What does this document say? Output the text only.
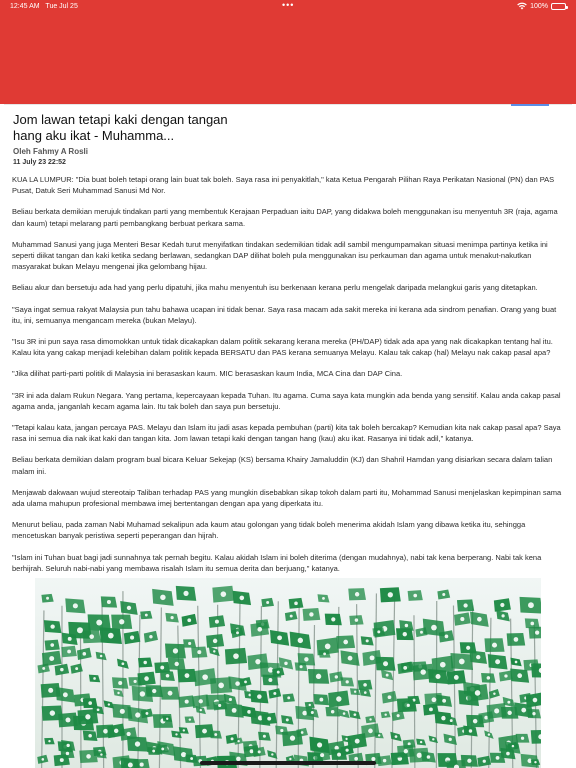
12:45 AM Tue Jul 25	•••	100%
Jom lawan tetapi kaki dengan tangan hang aku ikat - Muhamma...
Oleh Fahmy A Rosli
11 July 23 22:52

KUA LA LUMPUR: "Dia buat boleh tetapi orang lain buat tak boleh. Saya rasa ini penyakitlah," kata Ketua Pengarah Pilihan Raya Perikatan Nasional (PN) dan PAS Pusat, Datuk Seri Muhammad Sanusi Md Nor.

Beliau berkata demikian merujuk tindakan parti yang membentuk Kerajaan Perpaduan iaitu DAP, yang didakwa boleh menggunakan isu menyentuh 3R (raja, agama dan kaum) tetapi melarang parti pembangkang berbuat perkara sama.

Muhammad Sanusi yang juga Menteri Besar Kedah turut menyifatkan tindakan sedemikian tidak adil sambil mengumpamakan situasi menimpa partinya ketika ini seperti diikat tangan dan kaki ketika sedang berlawan, sedangkan DAP dilihat boleh pula menggunakan isu perkauman dan agama untuk menakut-nakutkan masyarakat bukan Melayu mengenai jika gelombang hijau.

Beliau akur dan bersetuju ada had yang perlu dipatuhi, jika mahu menyentuh isu berkenaan kerana perlu mengelak daripada melangkui garis yang ditetapkan.

"Saya ingat semua rakyat Malaysia pun tahu bahawa ucapan ini tidak benar. Saya rasa macam ada sakit mereka ini kerana ada sindrom penafian. Orang yang buat itu, ini, semuanya mengancam mereka (bukan Melayu).

"Isu 3R ini pun saya rasa dimomokkan untuk tidak dicakapkan dalam politik sekarang kerana mereka (PH/DAP) tidak ada apa yang nak dicakapkan tentang hal itu. Kalau kita yang cakap menjadi kelebihan dalam politik kepada BERSATU dan PAS kerana semuanya Melayu. Kalau tak cakap (hal) Melayu nak cakap pasal apa?

"Jika dilihat parti-parti politik di Malaysia ini berasaskan kaum. MIC berasaskan kaum India, MCA Cina dan DAP Cina.

"3R ini ada dalam Rukun Negara. Yang pertama, kepercayaan kepada Tuhan. Itu agama. Cuma saya kata mungkin ada benda yang sensitif. Kalau anda cakap pasal agama anda, janganlah kecam agama lain. Itu tak boleh dan saya pun bersetuju.

"Tetapi kalau kata, jangan percaya PAS. Melayu dan Islam itu jadi asas kepada pembuhan (parti) kita tak boleh bercakap? Kemudian kita nak cakap pasal apa? Saya rasa ini semua dia nak ikat kaki dan tangan kita. Jom lawan tetapi kaki dengan tangan hang (kau) aku ikat. Rasanya ini tidak adil," katanya.

Beliau berkata demikian dalam program bual bicara Keluar Sekejap (KS) bersama Khairy Jamaluddin (KJ) dan Shahril Hamdan yang disiarkan secara dalam talian malam ini.

Menjawab dakwaan wujud stereotaip Taliban terhadap PAS yang mungkin disebabkan sikap tokoh dalam parti itu, Mohammad Sanusi menjelaskan kepimpinan sama ada ulama mahupun profesional membawa imej bertentangan dengan apa yang diperkata itu.

Menurut beliau, pada zaman Nabi Muhamad sekalipun ada kaum atau golongan yang tidak boleh menerima akidah Islam yang dibawa ketika itu, sehingga mencetuskan banyak peristiwa seperti peperangan dan hijrah.

"Islam ini Tuhan buat bagi jadi sunnahnya tak pernah begitu. Kalau akidah Islam ini boleh diterima (dengan mudahnya), nabi tak kena berperang. Nabi tak kena berhijrah. Seluruh nabi-nabi yang membawa risalah Islam itu semua derita dan berjuang," katanya.
